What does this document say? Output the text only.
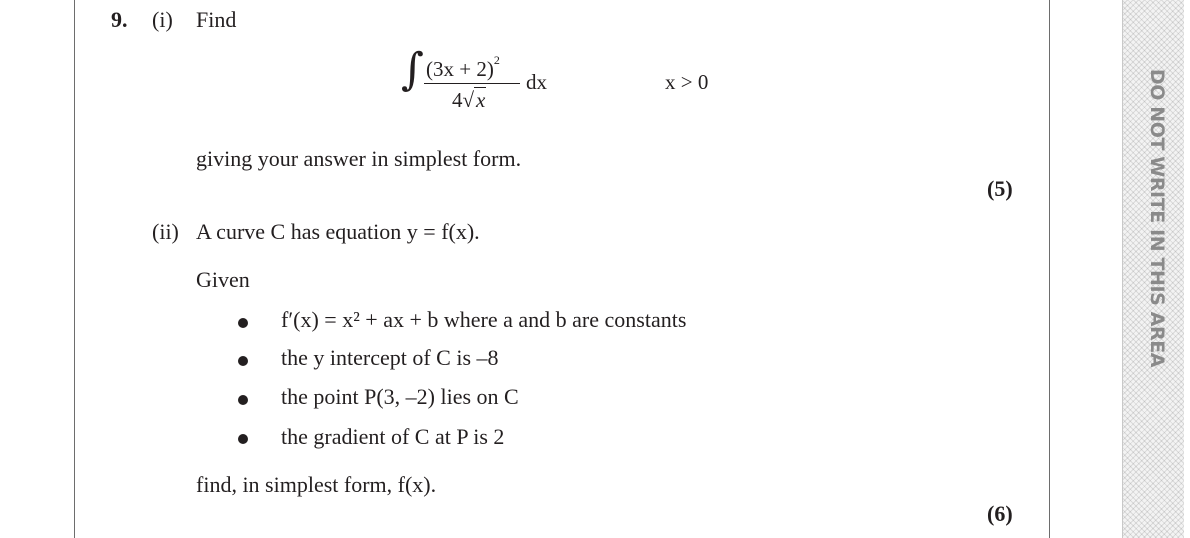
DO NOT WRITE IN THIS AREA
9. (i) Find
∫ $(3x + 2)^2$
4√x
dx	x > 0
giving your answer in simplest form.
(5)
(ii) A curve C has equation y = f(x).
Given
f′(x) = x² + ax + b where a and b are constants
the y intercept of C is –8
the point P(3, –2) lies on C
the gradient of C at P is 2
find, in simplest form, f(x).
(6)
